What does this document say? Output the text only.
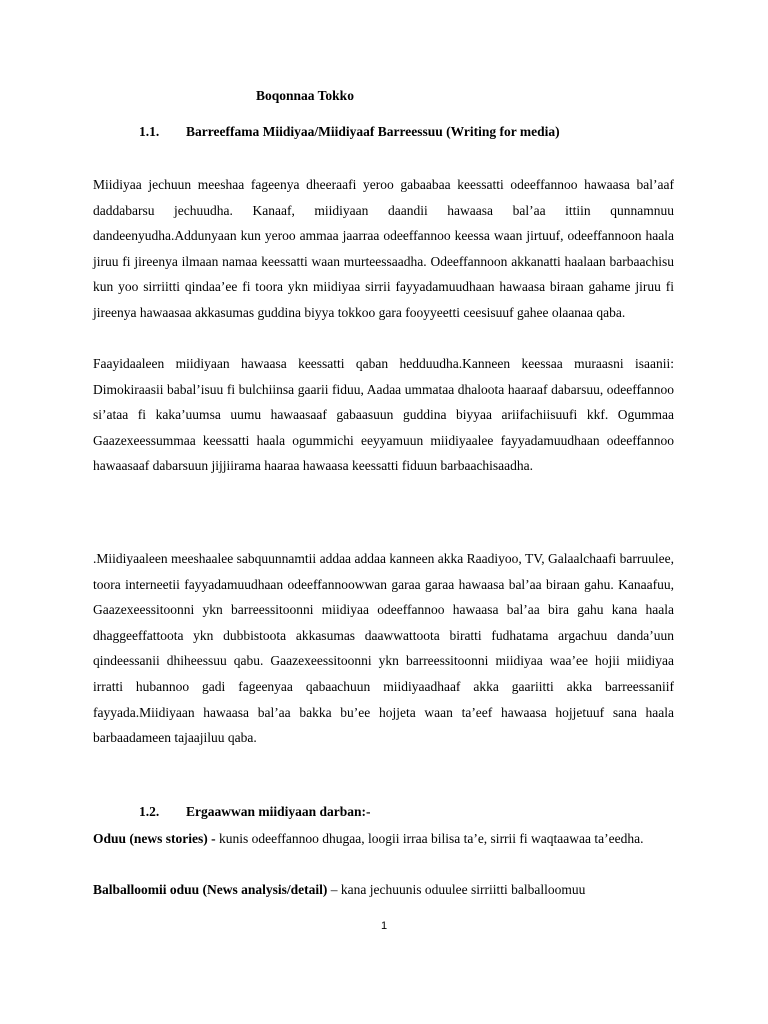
Boqonnaa Tokko
1.1. Barreeffama Miidiyaa/Miidiyaaf Barreessuu (Writing for media)

Miidiyaa jechuun meeshaa fageenya dheeraafi yeroo gabaabaa keessatti odeeffannoo hawaasa bal’aaf daddabarsu jechuudha. Kanaaf, miidiyaan daandii hawaasa bal’aa ittiin qunnamnuu dandeenyudha.Addunyaan kun yeroo ammaa jaarraa odeeffannoo keessa waan jirtuuf, odeeffannoon haala jiruu fi jireenya ilmaan namaa keessatti waan murteessaadha. Odeeffannoon akkanatti haalaan barbaachisu kun yoo sirriitti qindaa’ee fi toora ykn miidiyaa sirrii fayyadamuudhaan hawaasa biraan gahame jiruu fi jireenya hawaasaa akkasumas guddina biyya tokkoo gara fooyyeetti ceesisuuf gahee olaanaa qaba.

Faayidaaleen miidiyaan hawaasa keessatti qaban hedduudha.Kanneen keessaa muraasni isaanii: Dimokiraasii babal’isuu fi bulchiinsa gaarii fiduu, Aadaa ummataa dhaloota haaraaf dabarsuu, odeeffannoo si’ataa fi kaka’uumsa uumu hawaasaaf gabaasuun guddina biyyaa ariifachiisuufi kkf. Ogummaa Gaazexeessummaa keessatti haala ogummichi eeyyamuun miidiyaalee fayyadamuudhaan odeeffannoo hawaasaaf dabarsuun jijjiirama haaraa hawaasa keessatti fiduun barbaachisaadha.

.Miidiyaaleen meeshaalee sabquunnamtii addaa addaa kanneen akka Raadiyoo, TV, Galaalchaafi barruulee, toora interneetii fayyadamuudhaan odeeffannoowwan garaa garaa hawaasa bal’aa biraan gahu. Kanaafuu, Gaazexeessitoonni ykn barreessitoonni miidiyaa odeeffannoo hawaasa bal’aa bira gahu kana haala dhaggeeffattoota ykn dubbistoota akkasumas daawwattoota biratti fudhatama argachuu danda’uun qindeessanii dhiheessuu qabu. Gaazexeessitoonni ykn barreessitoonni miidiyaa waa’ee hojii miidiyaa irratti hubannoo gadi fageenyaa qabaachuun miidiyaadhaaf akka gaariitti akka barreessaniif fayyada.Miidiyaan hawaasa bal’aa bakka bu’ee hojjeta waan ta’eef hawaasa hojjetuuf sana haala barbaadameen tajaajiluu qaba.

1.2. Ergaawwan miidiyaan darban:-

Oduu (news stories) - kunis odeeffannoo dhugaa, loogii irraa bilisa ta’e, sirrii fi waqtaawaa ta’eedha.

Balballoomii oduu (News analysis/detail) – kana jechuunis oduulee sirriitti balballoomuu

1
